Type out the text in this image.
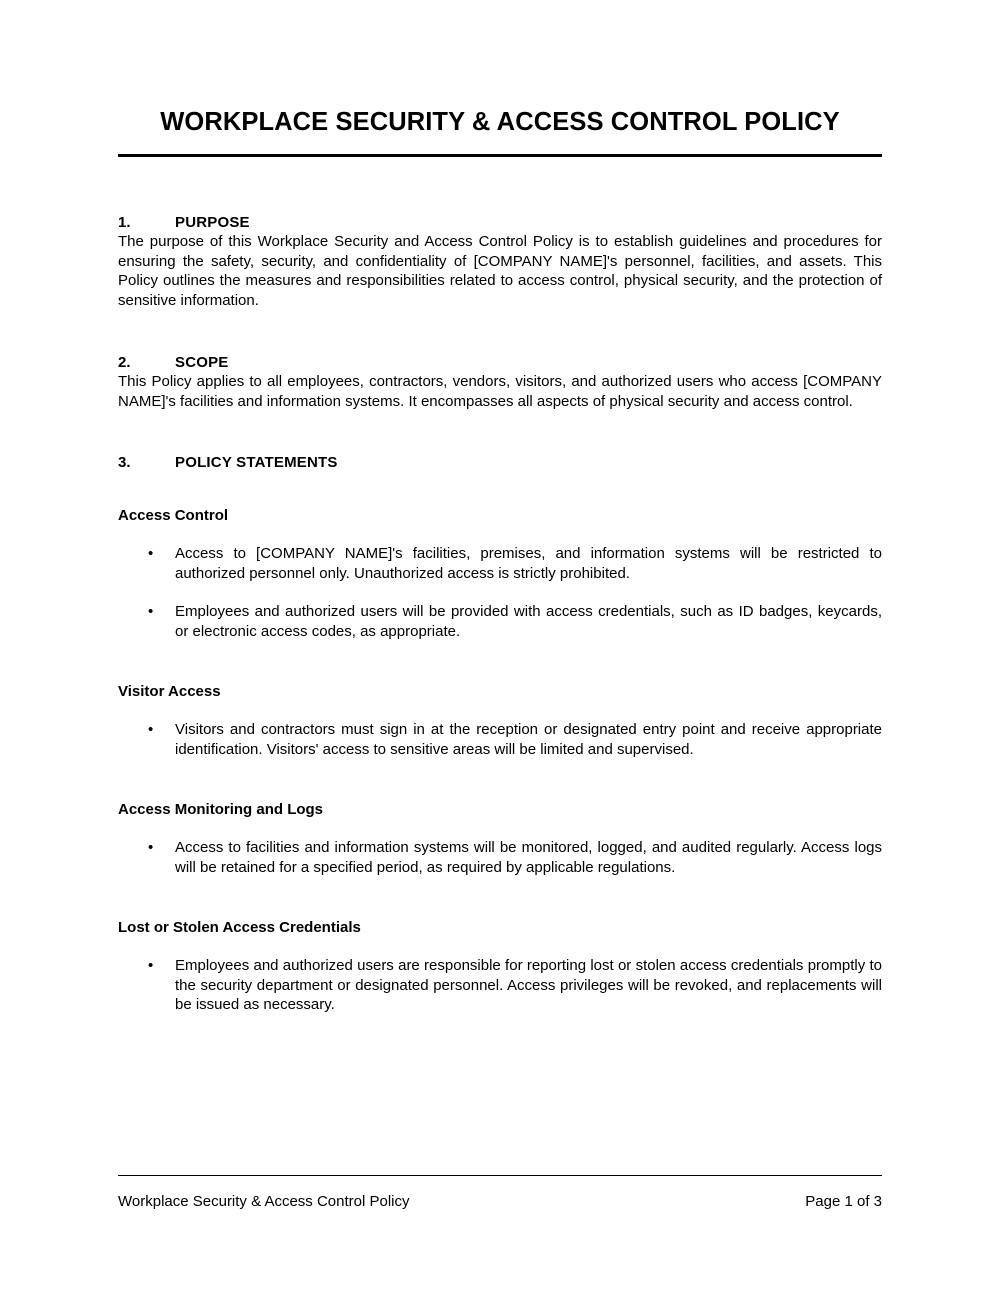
WORKPLACE SECURITY & ACCESS CONTROL POLICY
1.	PURPOSE

The purpose of this Workplace Security and Access Control Policy is to establish guidelines and procedures for ensuring the safety, security, and confidentiality of [COMPANY NAME]'s personnel, facilities, and assets. This Policy outlines the measures and responsibilities related to access control, physical security, and the protection of sensitive information.

2.	SCOPE

This Policy applies to all employees, contractors, vendors, visitors, and authorized users who access [COMPANY NAME]'s facilities and information systems. It encompasses all aspects of physical security and access control.

3.	POLICY STATEMENTS
Access Control
• Access to [COMPANY NAME]'s facilities, premises, and information systems will be restricted to authorized personnel only. Unauthorized access is strictly prohibited.
• Employees and authorized users will be provided with access credentials, such as ID badges, keycards, or electronic access codes, as appropriate.
Visitor Access
• Visitors and contractors must sign in at the reception or designated entry point and receive appropriate identification. Visitors' access to sensitive areas will be limited and supervised.
Access Monitoring and Logs
• Access to facilities and information systems will be monitored, logged, and audited regularly. Access logs will be retained for a specified period, as required by applicable regulations.
Lost or Stolen Access Credentials
• Employees and authorized users are responsible for reporting lost or stolen access credentials promptly to the security department or designated personnel. Access privileges will be revoked, and replacements will be issued as necessary.
Workplace Security & Access Control Policy	Page 1 of 3
